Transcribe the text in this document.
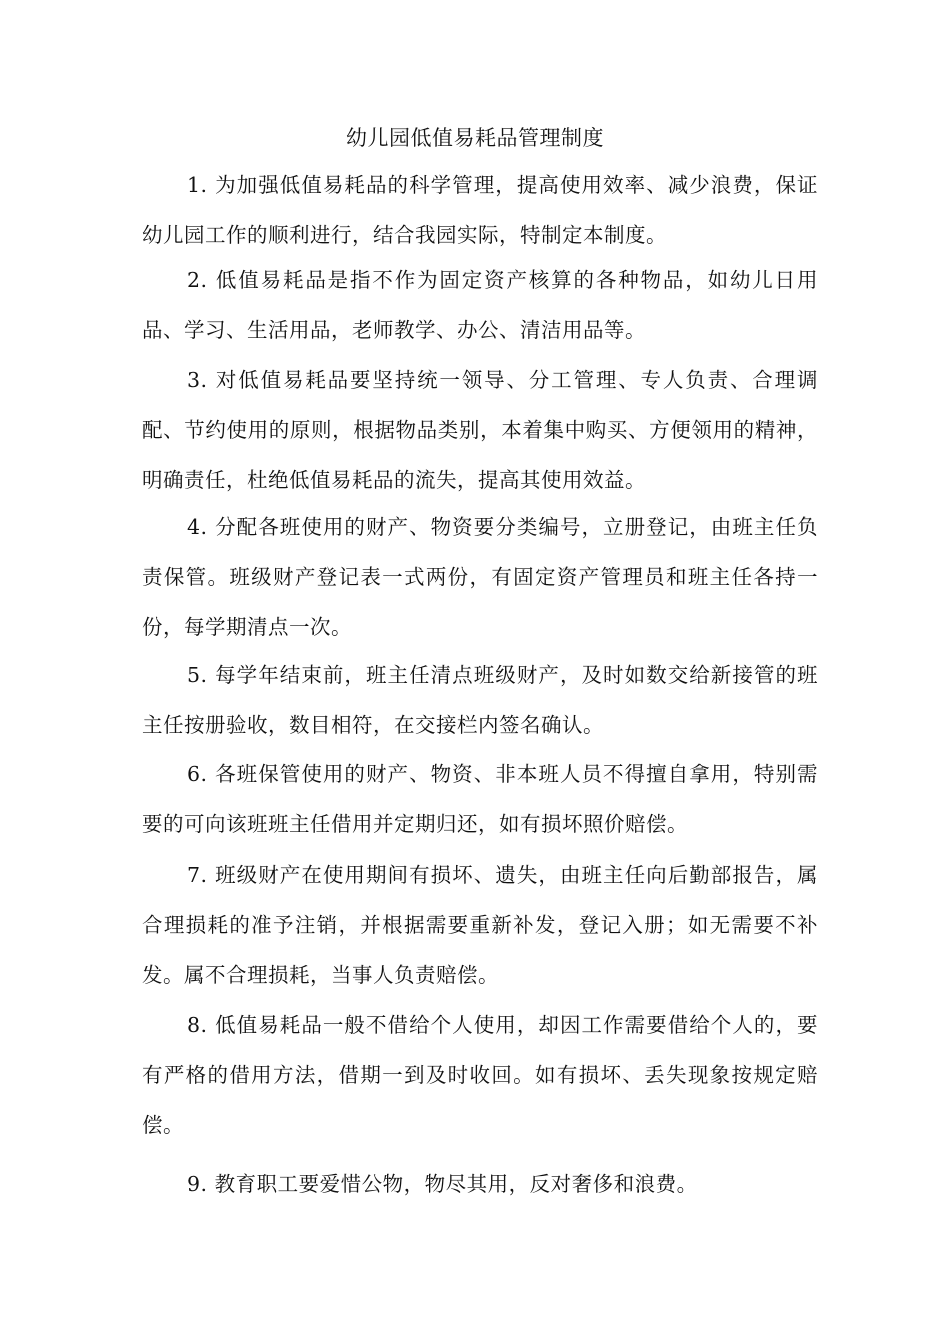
幼儿园低值易耗品管理制度

1. 为加强低值易耗品的科学管理，提高使用效率、减少浪费，保证幼儿园工作的顺利进行，结合我园实际，特制定本制度。

2. 低值易耗品是指不作为固定资产核算的各种物品，如幼儿日用品、学习、生活用品，老师教学、办公、清洁用品等。

3. 对低值易耗品要坚持统一领导、分工管理、专人负责、合理调配、节约使用的原则，根据物品类别，本着集中购买、方便领用的精神，明确责任，杜绝低值易耗品的流失，提高其使用效益。

4. 分配各班使用的财产、物资要分类编号，立册登记，由班主任负责保管。班级财产登记表一式两份，有固定资产管理员和班主任各持一份，每学期清点一次。

5. 每学年结束前，班主任清点班级财产，及时如数交给新接管的班主任按册验收，数目相符，在交接栏内签名确认。

6. 各班保管使用的财产、物资、非本班人员不得擅自拿用，特别需要的可向该班班主任借用并定期归还，如有损坏照价赔偿。

7. 班级财产在使用期间有损坏、遗失，由班主任向后勤部报告，属合理损耗的准予注销，并根据需要重新补发，登记入册；如无需要不补发。属不合理损耗，当事人负责赔偿。

8. 低值易耗品一般不借给个人使用，却因工作需要借给个人的，要有严格的借用方法，借期一到及时收回。如有损坏、丢失现象按规定赔偿。

9. 教育职工要爱惜公物，物尽其用，反对奢侈和浪费。
